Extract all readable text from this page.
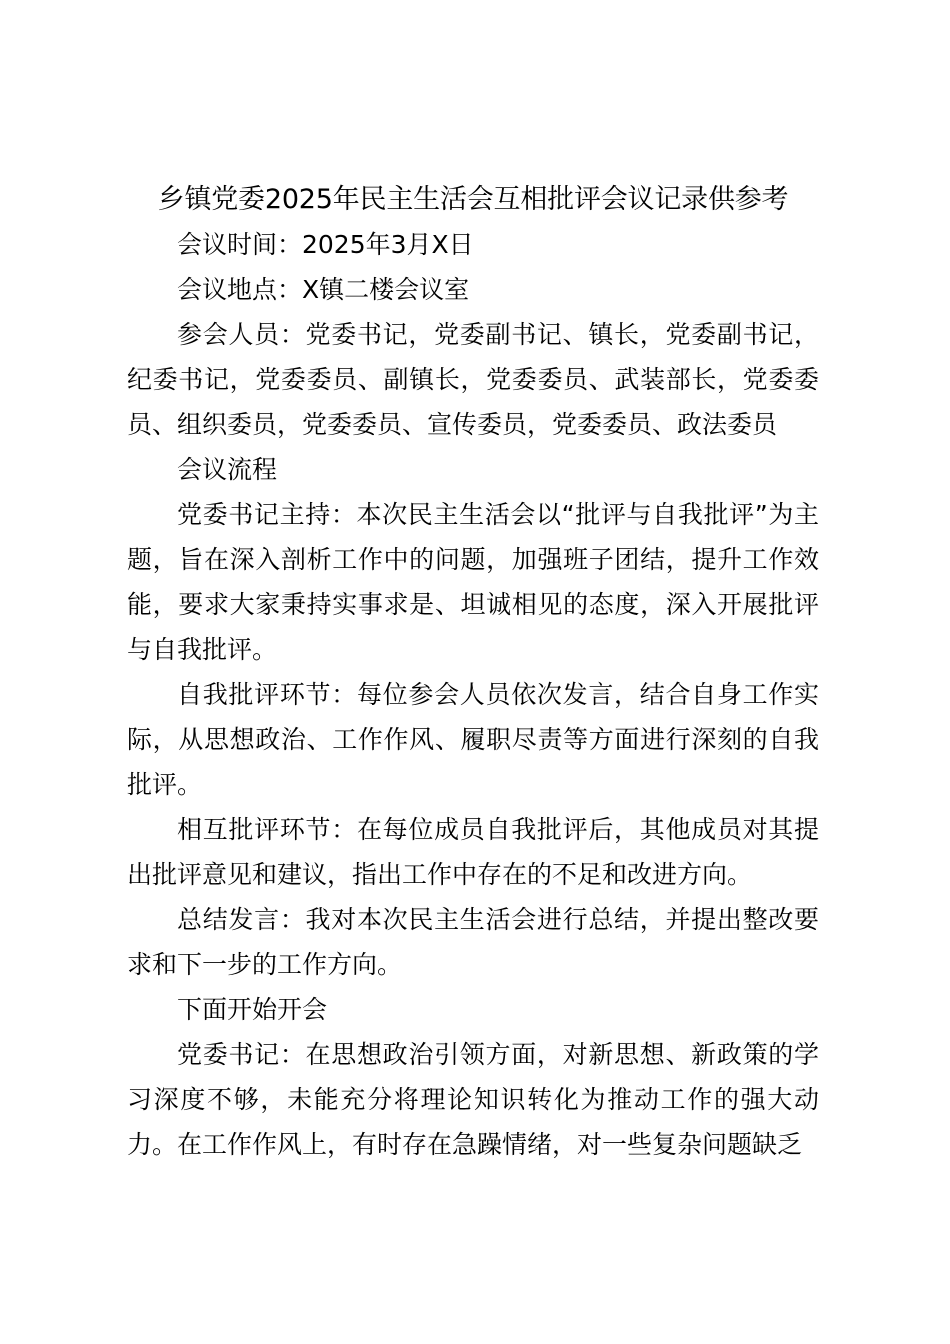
乡镇党委2025年民主生活会互相批评会议记录供参考

会议时间：2025年3月X日

会议地点：X镇二楼会议室

参会人员：党委书记，党委副书记、镇长，党委副书记，纪委书记，党委委员、副镇长，党委委员、武装部长，党委委员、组织委员，党委委员、宣传委员，党委委员、政法委员

会议流程

党委书记主持：本次民主生活会以“批评与自我批评”为主题，旨在深入剖析工作中的问题，加强班子团结，提升工作效能，要求大家秉持实事求是、坦诚相见的态度，深入开展批评与自我批评。

自我批评环节：每位参会人员依次发言，结合自身工作实际，从思想政治、工作作风、履职尽责等方面进行深刻的自我批评。

相互批评环节：在每位成员自我批评后，其他成员对其提出批评意见和建议，指出工作中存在的不足和改进方向。

总结发言：我对本次民主生活会进行总结，并提出整改要求和下一步的工作方向。

下面开始开会

党委书记：在思想政治引领方面，对新思想、新政策的学习深度不够，未能充分将理论知识转化为推动工作的强大动力。在工作作风上，有时存在急躁情绪，对一些复杂问题缺乏
